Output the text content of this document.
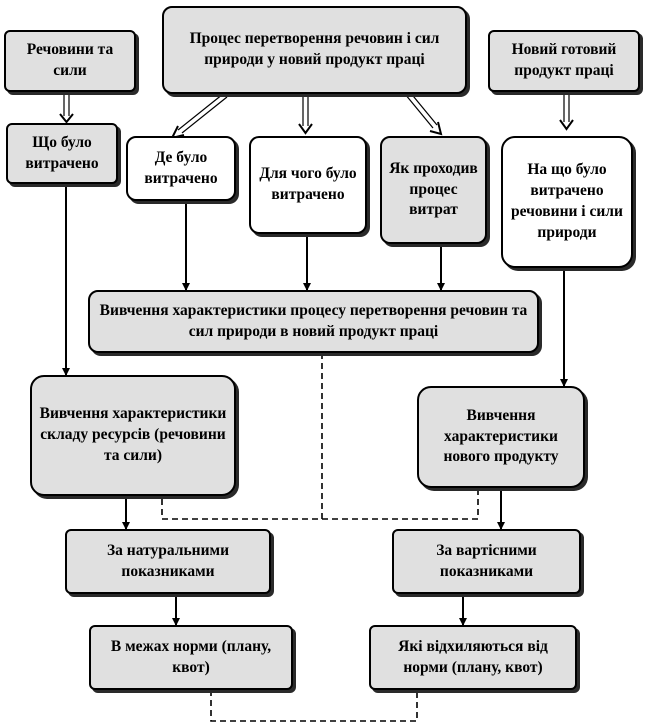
Речовини та сили
Процес перетворення речовин і сил природи у новий продукт праці
Новий готовий продукт праці
Що було витрачено	Де було витрачено	Для чого було витрачено
Як проходив процес витрат
На що було витрачено речовини і сили природи
Вивчення характеристики процесу перетворення речовин та сил природи в новий продукт праці
Вивчення характеристики складу ресурсів (речовини та сили)
Вивчення характеристики нового продукту
За натуральними показниками
За вартісними показниками
В межах норми (плану, квот)
Які відхиляються від норми (плану, квот)
